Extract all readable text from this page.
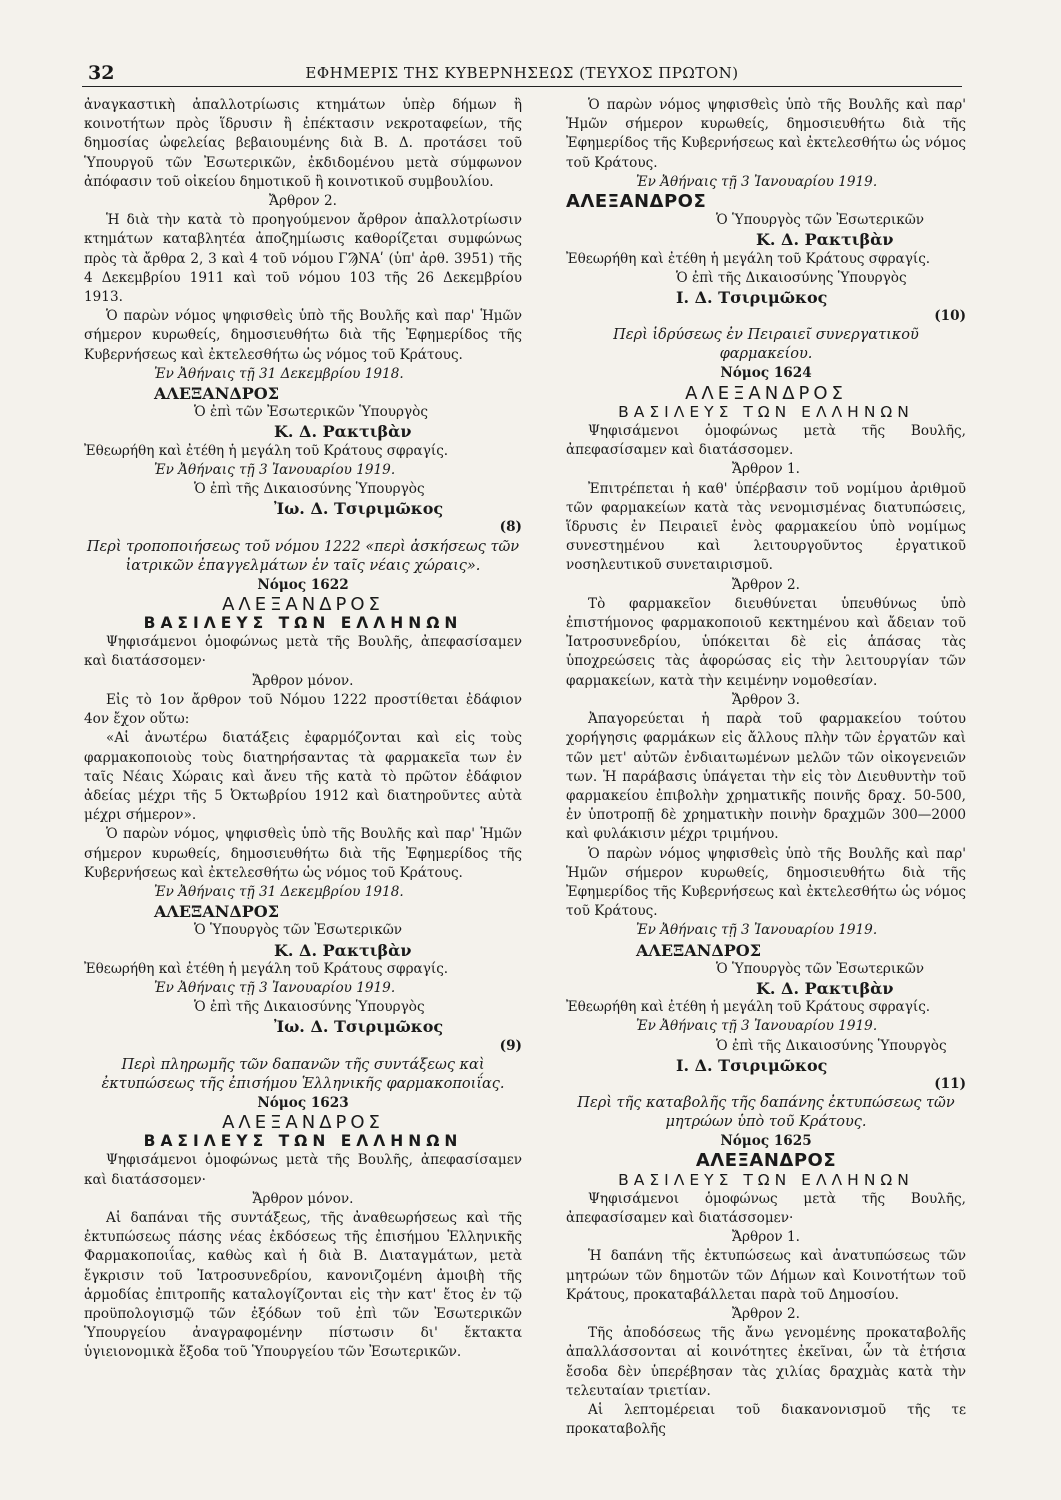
32	ΕΦΗΜΕΡΙΣ ΤΗΣ ΚΥΒΕΡΝΗΣΕΩΣ (ΤΕΥΧΟΣ ΠΡΩΤΟΝ)

ἀναγκαστικὴ ἀπαλλοτρίωσις κτημάτων ὑπὲρ δήμων ἢ κοινοτήτων πρὸς ἵδρυσιν ἢ ἐπέκτασιν νεκροταφείων, τῆς δημοσίας ὠφελείας βεβαιουμένης διὰ Β. Δ. προτάσει τοῦ Ὑπουργοῦ τῶν Ἐσωτερικῶν, ἐκδιδομένου μετὰ σύμφωνον ἀπόφασιν τοῦ οἰκείου δημοτικοῦ ἢ κοινοτικοῦ συμβουλίου.

Ἄρθρον 2.

Ἡ διὰ τὴν κατὰ τὸ προηγούμενον ἄρθρον ἀπαλλοτρίωσιν κτημάτων καταβλητέα ἀποζημίωσις καθορίζεται συμφώνως πρὸς τὰ ἄρθρα 2, 3 καὶ 4 τοῦ νόμου ΓϠΝΑʹ (ὑπ' ἀρθ. 3951) τῆς 4 Δεκεμβρίου 1911 καὶ τοῦ νόμου 103 τῆς 26 Δεκεμβρίου 1913.

Ὁ παρὼν νόμος ψηφισθεὶς ὑπὸ τῆς Βουλῆς καὶ παρ' Ἡμῶν σήμερον κυρωθείς, δημοσιευθήτω διὰ τῆς Ἐφημερίδος τῆς Κυβερνήσεως καὶ ἐκτελεσθήτω ὡς νόμος τοῦ Κράτους.

Ἐν Ἀθήναις τῇ 31 Δεκεμβρίου 1918.

ΑΛΕΞΑΝΔΡΟΣ

Ὁ ἐπὶ τῶν Ἐσωτερικῶν Ὑπουργὸς

Κ. Δ. Ρακτιβὰν

Ἐθεωρήθη καὶ ἐτέθη ἡ μεγάλη τοῦ Κράτους σφραγίς.

Ἐν Ἀθήναις τῇ 3 Ἰανουαρίου 1919.

Ὁ ἐπὶ τῆς Δικαιοσύνης Ὑπουργὸς

Ἰω. Δ. Τσιριμῶκος

(8)

Περὶ τροποποιήσεως τοῦ νόμου 1222 «περὶ ἀσκήσεως τῶν ἰατρικῶν ἐπαγγελμάτων ἐν ταῖς νέαις χώραις».

Νόμος 1622

ΑΛΕΞΑΝΔΡΟΣ

ΒΑΣΙΛΕΥΣ ΤΩΝ ΕΛΛΗΝΩΝ

Ψηφισάμενοι ὁμοφώνως μετὰ τῆς Βουλῆς, ἀπεφασίσαμεν καὶ διατάσσομεν·

Ἄρθρον μόνον.

Εἰς τὸ 1ον ἄρθρον τοῦ Νόμου 1222 προστίθεται ἐδάφιον 4ον ἔχον οὕτω:

«Αἱ ἀνωτέρω διατάξεις ἐφαρμόζονται καὶ εἰς τοὺς φαρμακοποιοὺς τοὺς διατηρήσαντας τὰ φαρμακεῖα των ἐν ταῖς Νέαις Χώραις καὶ ἄνευ τῆς κατὰ τὸ πρῶτον ἐδάφιον ἀδείας μέχρι τῆς 5 Ὀκτωβρίου 1912 καὶ διατηροῦντες αὐτὰ μέχρι σήμερον».

Ὁ παρὼν νόμος, ψηφισθεὶς ὑπὸ τῆς Βουλῆς καὶ παρ' Ἡμῶν σήμερον κυρωθείς, δημοσιευθήτω διὰ τῆς Ἐφημερίδος τῆς Κυβερνήσεως καὶ ἐκτελεσθήτω ὡς νόμος τοῦ Κράτους.

Ἐν Ἀθήναις τῇ 31 Δεκεμβρίου 1918.

ΑΛΕΞΑΝΔΡΟΣ

Ὁ Ὑπουργὸς τῶν Ἐσωτερικῶν

Κ. Δ. Ρακτιβὰν

Ἐθεωρήθη καὶ ἐτέθη ἡ μεγάλη τοῦ Κράτους σφραγίς.

Ἐν Ἀθήναις τῇ 3 Ἰανουαρίου 1919.

Ὁ ἐπὶ τῆς Δικαιοσύνης Ὑπουργὸς

Ἰω. Δ. Τσιριμῶκος

(9)

Περὶ πληρωμῆς τῶν δαπανῶν τῆς συντάξεως καὶ ἐκτυπώσεως τῆς ἐπισήμου Ἑλληνικῆς φαρμακοποιΐας.

Νόμος 1623

ΑΛΕΞΑΝΔΡΟΣ

ΒΑΣΙΛΕΥΣ ΤΩΝ ΕΛΛΗΝΩΝ

Ψηφισάμενοι ὁμοφώνως μετὰ τῆς Βουλῆς, ἀπεφασίσαμεν καὶ διατάσσομεν·

Ἄρθρον μόνον.

Αἱ δαπάναι τῆς συντάξεως, τῆς ἀναθεωρήσεως καὶ τῆς ἐκτυπώσεως πάσης νέας ἐκδόσεως τῆς ἐπισήμου Ἑλληνικῆς Φαρμακοποιΐας, καθὼς καὶ ἡ διὰ Β. Διαταγμάτων, μετὰ ἔγκρισιν τοῦ Ἰατροσυνεδρίου, κανονιζομένη ἀμοιβὴ τῆς ἁρμοδίας ἐπιτροπῆς καταλογίζονται εἰς τὴν κατ' ἔτος ἐν τῷ προϋπολογισμῷ τῶν ἐξόδων τοῦ ἐπὶ τῶν Ἐσωτερικῶν Ὑπουργείου ἀναγραφομένην πίστωσιν δι' ἔκτακτα ὑγιειονομικὰ ἔξοδα τοῦ Ὑπουργείου τῶν Ἐσωτερικῶν.

Ὁ παρὼν νόμος ψηφισθεὶς ὑπὸ τῆς Βουλῆς καὶ παρ' Ἡμῶν σήμερον κυρωθείς, δημοσιευθήτω διὰ τῆς Ἐφημερίδος τῆς Κυβερνήσεως καὶ ἐκτελεσθήτω ὡς νόμος τοῦ Κράτους.

Ἐν Ἀθήναις τῇ 3 Ἰανουαρίου 1919.

ΑΛΕΞΑΝΔΡΟΣ

Ὁ Ὑπουργὸς τῶν Ἐσωτερικῶν

Κ. Δ. Ρακτιβὰν

Ἐθεωρήθη καὶ ἐτέθη ἡ μεγάλη τοῦ Κράτους σφραγίς.

Ὁ ἐπὶ τῆς Δικαιοσύνης Ὑπουργὸς

Ι. Δ. Τσιριμῶκος

(10)

Περὶ ἱδρύσεως ἐν Πειραιεῖ συνεργατικοῦ φαρμακείου.

Νόμος 1624

ΑΛΕΞΑΝΔΡΟΣ

ΒΑΣΙΛΕΥΣ ΤΩΝ ΕΛΛΗΝΩΝ

Ψηφισάμενοι ὁμοφώνως μετὰ τῆς Βουλῆς, ἀπεφασίσαμεν καὶ διατάσσομεν.

Ἄρθρον 1.

Ἐπιτρέπεται ἡ καθ' ὑπέρβασιν τοῦ νομίμου ἀριθμοῦ τῶν φαρμακείων κατὰ τὰς νενομισμένας διατυπώσεις, ἵδρυσις ἐν Πειραιεῖ ἑνὸς φαρμακείου ὑπὸ νομίμως συνεστημένου καὶ λειτουργοῦντος ἐργατικοῦ νοσηλευτικοῦ συνεταιρισμοῦ.

Ἄρθρον 2.

Τὸ φαρμακεῖον διευθύνεται ὑπευθύνως ὑπὸ ἐπιστήμονος φαρμακοποιοῦ κεκτημένου καὶ ἄδειαν τοῦ Ἰατροσυνεδρίου, ὑπόκειται δὲ εἰς ἁπάσας τὰς ὑποχρεώσεις τὰς ἀφορώσας εἰς τὴν λειτουργίαν τῶν φαρμακείων, κατὰ τὴν κειμένην νομοθεσίαν.

Ἄρθρον 3.

Ἀπαγορεύεται ἡ παρὰ τοῦ φαρμακείου τούτου χορήγησις φαρμάκων εἰς ἄλλους πλὴν τῶν ἐργατῶν καὶ τῶν μετ' αὐτῶν ἐνδιαιτωμένων μελῶν τῶν οἰκογενειῶν των. Ἡ παράβασις ὑπάγεται τὴν εἰς τὸν Διευθυντὴν τοῦ φαρμακείου ἐπιβολὴν χρηματικῆς ποινῆς δραχ. 50-500, ἐν ὑποτροπῇ δὲ χρηματικὴν ποινὴν δραχμῶν 300—2000 καὶ φυλάκισιν μέχρι τριμήνου.

Ὁ παρὼν νόμος ψηφισθεὶς ὑπὸ τῆς Βουλῆς καὶ παρ' Ἡμῶν σήμερον κυρωθείς, δημοσιευθήτω διὰ τῆς Ἐφημερίδος τῆς Κυβερνήσεως καὶ ἐκτελεσθήτω ὡς νόμος τοῦ Κράτους.

Ἐν Ἀθήναις τῇ 3 Ἰανουαρίου 1919.

ΑΛΕΞΑΝΔΡΟΣ

Ὁ Ὑπουργὸς τῶν Ἐσωτερικῶν

Κ. Δ. Ρακτιβὰν

Ἐθεωρήθη καὶ ἐτέθη ἡ μεγάλη τοῦ Κράτους σφραγίς.

Ἐν Ἀθήναις τῇ 3 Ἰανουαρίου 1919.

Ὁ ἐπὶ τῆς Δικαιοσύνης Ὑπουργὸς

Ι. Δ. Τσιριμῶκος

(11)

Περὶ τῆς καταβολῆς τῆς δαπάνης ἐκτυπώσεως τῶν μητρώων ὑπὸ τοῦ Κράτους.

Νόμος 1625

ΑΛΕΞΑΝΔΡΟΣ

ΒΑΣΙΛΕΥΣ ΤΩΝ ΕΛΛΗΝΩΝ

Ψηφισάμενοι ὁμοφώνως μετὰ τῆς Βουλῆς, ἀπεφασίσαμεν καὶ διατάσσομεν·

Ἄρθρον 1.

Ἡ δαπάνη τῆς ἐκτυπώσεως καὶ ἀνατυπώσεως τῶν μητρώων τῶν δημοτῶν τῶν Δήμων καὶ Κοινοτήτων τοῦ Κράτους, προκαταβάλλεται παρὰ τοῦ Δημοσίου.

Ἄρθρον 2.

Τῆς ἀποδόσεως τῆς ἄνω γενομένης προκαταβολῆς ἀπαλλάσσονται αἱ κοινότητες ἐκεῖναι, ὧν τὰ ἐτήσια ἔσοδα δὲν ὑπερέβησαν τὰς χιλίας δραχμὰς κατὰ τὴν τελευταίαν τριετίαν.

Αἱ λεπτομέρειαι τοῦ διακανονισμοῦ τῆς τε προκαταβολῆς
